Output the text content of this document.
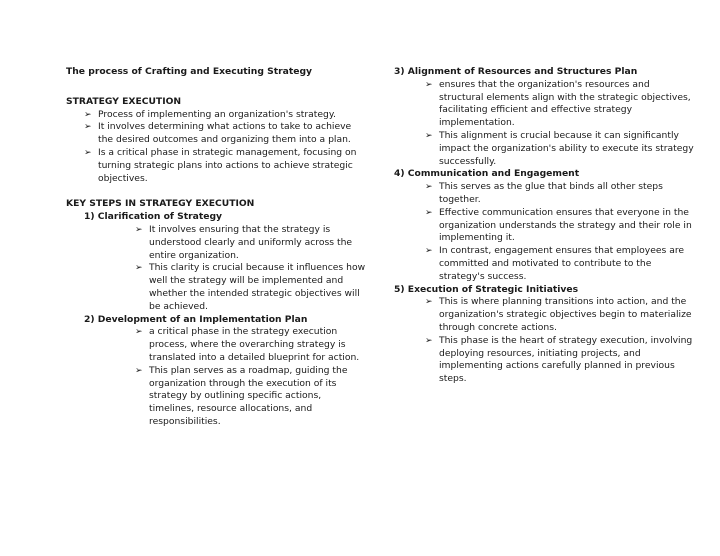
The process of Crafting and Executing Strategy

STRATEGY EXECUTION

➢ Process of implementing an organization's strategy.
➢ It involves determining what actions to take to achieve the desired outcomes and organizing them into a plan.
➢ Is a critical phase in strategic management, focusing on turning strategic plans into actions to achieve strategic objectives.

KEY STEPS IN STRATEGY EXECUTION

1) Clarification of Strategy

➢ It involves ensuring that the strategy is understood clearly and uniformly across the entire organization.
➢ This clarity is crucial because it influences how well the strategy will be implemented and whether the intended strategic objectives will be achieved.

2) Development of an Implementation Plan

➢ a critical phase in the strategy execution process, where the overarching strategy is translated into a detailed blueprint for action.
➢ This plan serves as a roadmap, guiding the organization through the execution of its strategy by outlining specific actions, timelines, resource allocations, and responsibilities.

3) Alignment of Resources and Structures Plan

➢ ensures that the organization's resources and structural elements align with the strategic objectives, facilitating efficient and effective strategy implementation.
➢ This alignment is crucial because it can significantly impact the organization's ability to execute its strategy successfully.

4) Communication and Engagement

➢ This serves as the glue that binds all other steps together.
➢ Effective communication ensures that everyone in the organization understands the strategy and their role in implementing it.
➢ In contrast, engagement ensures that employees are committed and motivated to contribute to the strategy's success.

5) Execution of Strategic Initiatives

➢ This is where planning transitions into action, and the organization's strategic objectives begin to materialize through concrete actions.
➢ This phase is the heart of strategy execution, involving deploying resources, initiating projects, and implementing actions carefully planned in previous steps.
